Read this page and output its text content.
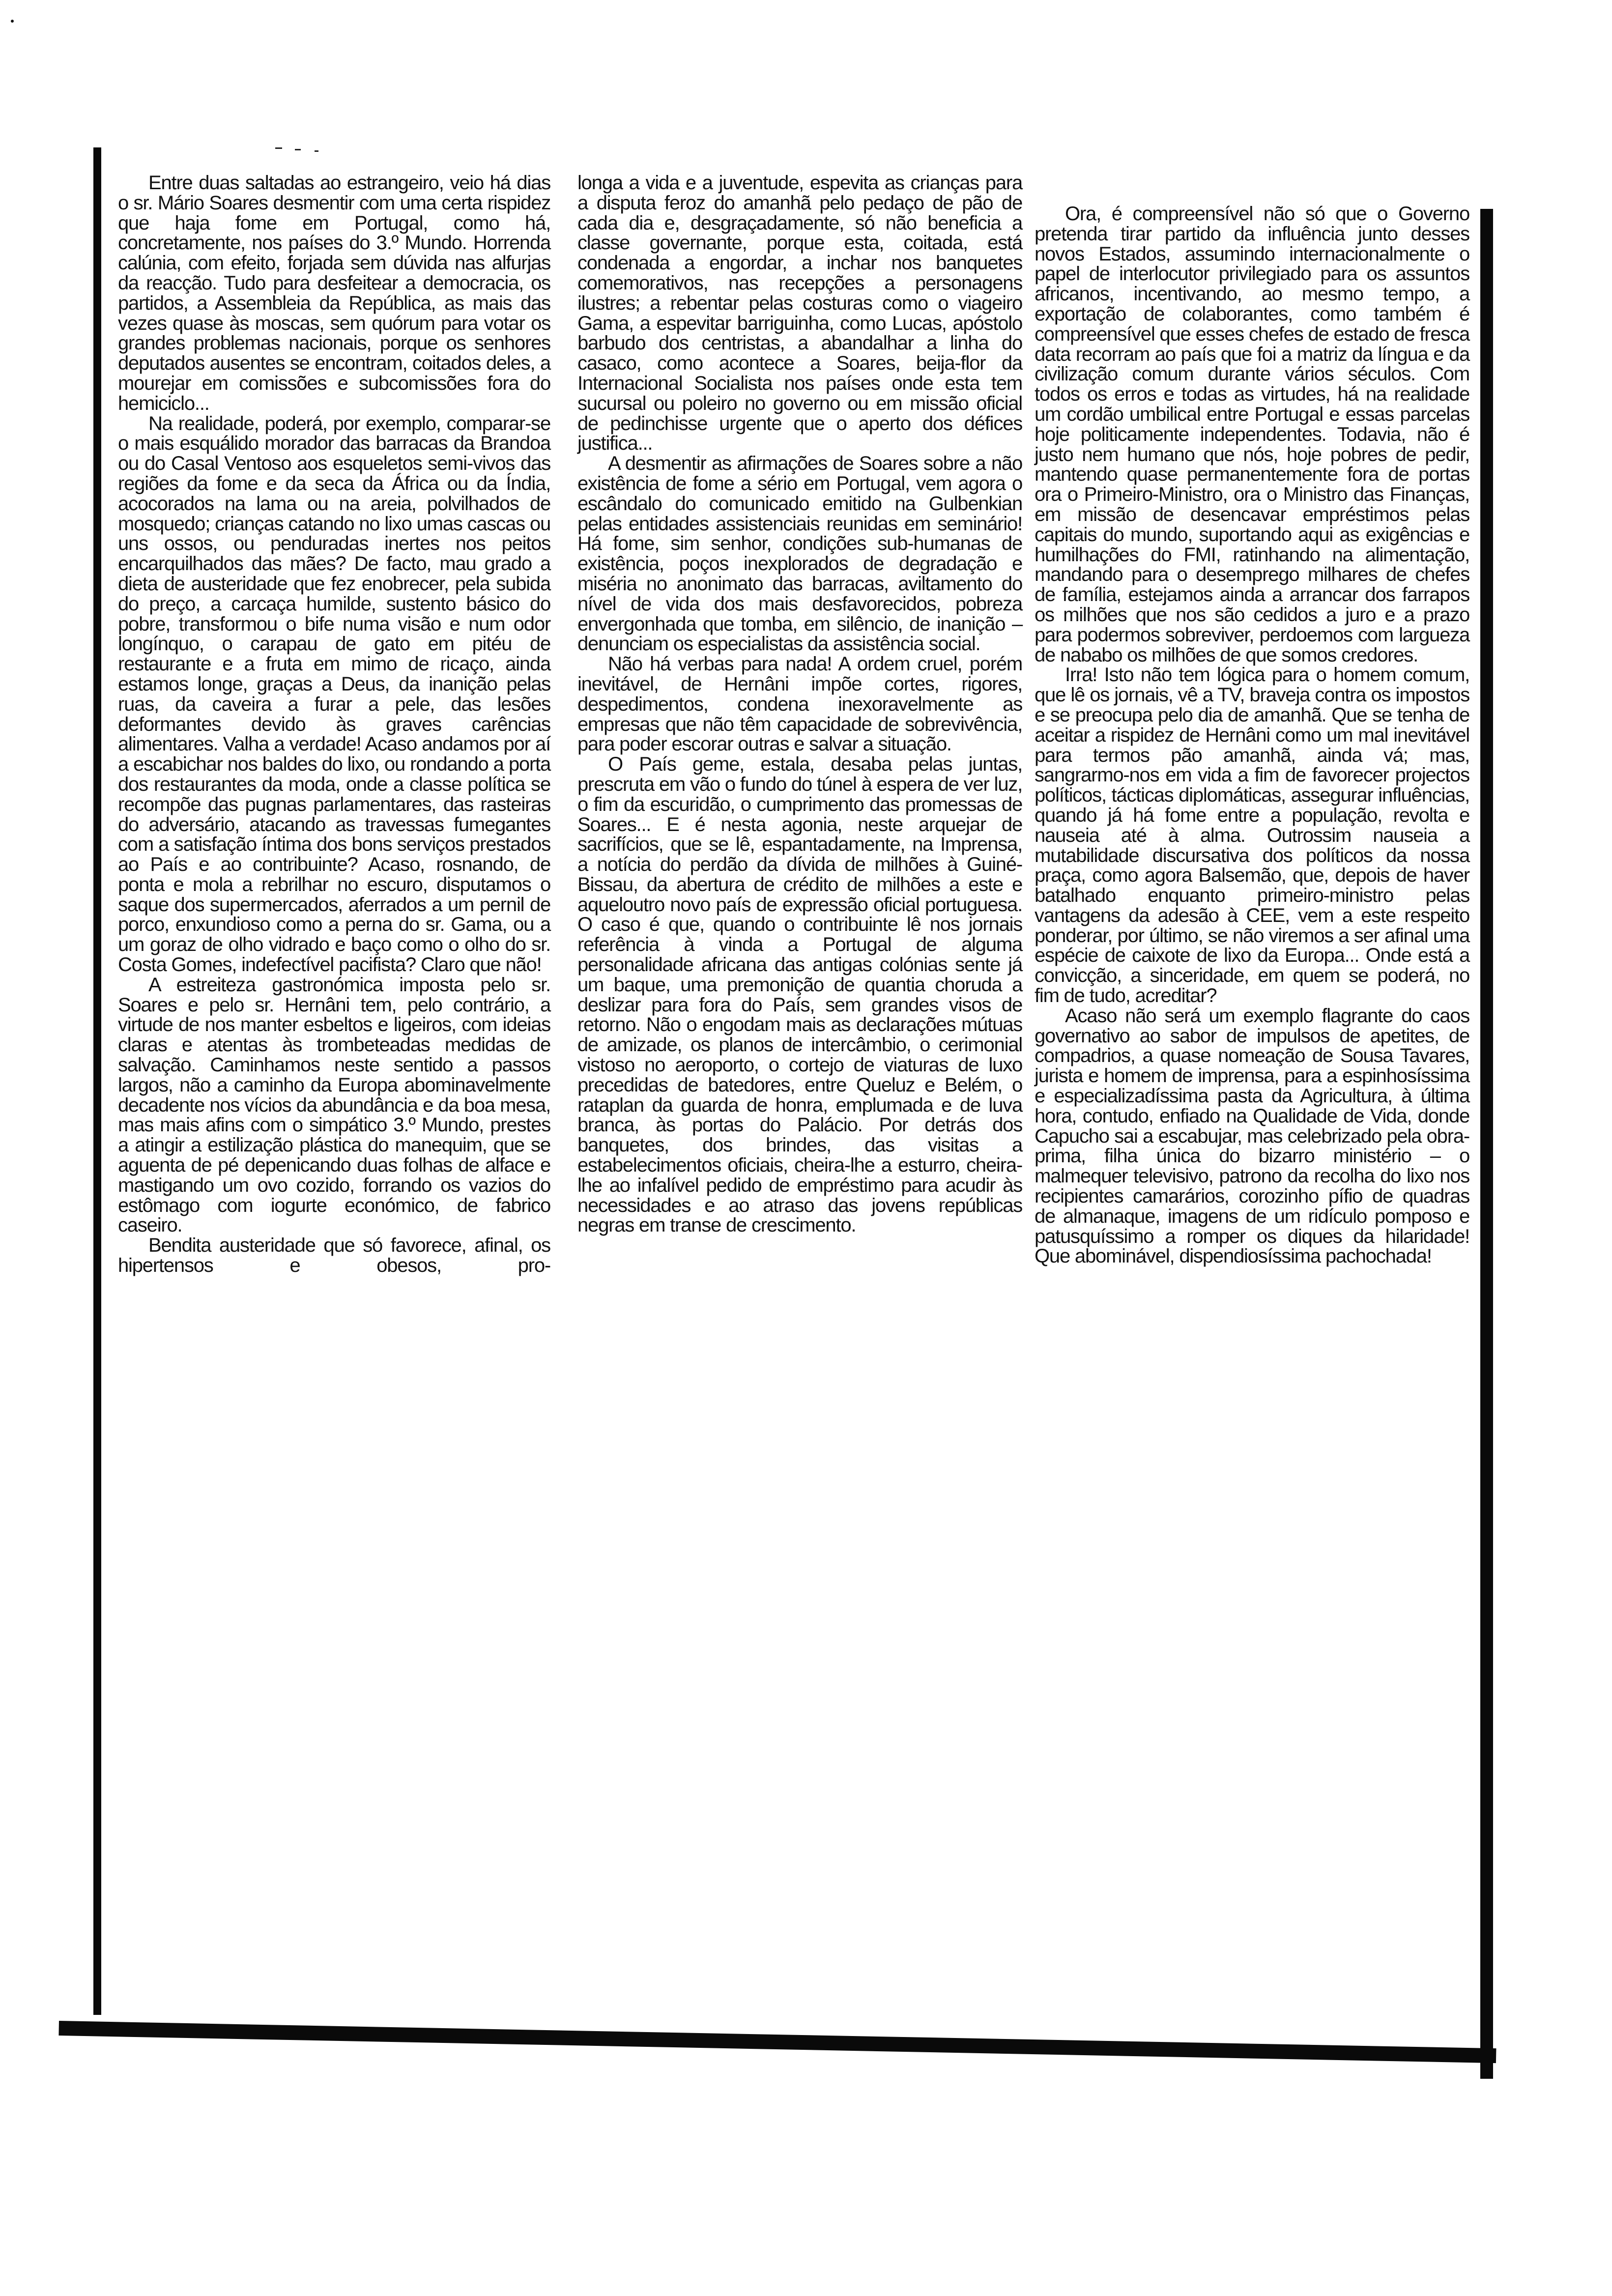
Entre duas saltadas ao estrangeiro, veio há dias o sr. Mário Soares desmentir com uma certa rispidez que haja fome em Portugal, como há, concretamente, nos países do 3.º Mundo. Horrenda calúnia, com efeito, forjada sem dúvida nas alfurjas da reacção. Tudo para desfeitear a democracia, os partidos, a Assembleia da República, as mais das vezes quase às moscas, sem quórum para votar os grandes problemas nacionais, porque os senhores deputados ausentes se encontram, coitados deles, a mourejar em comissões e subcomissões fora do hemiciclo...

Na realidade, poderá, por exemplo, comparar-se o mais esquálido morador das barracas da Brandoa ou do Casal Ventoso aos esqueletos semi-vivos das regiões da fome e da seca da África ou da Índia, acocorados na lama ou na areia, polvilhados de mosquedo; crianças catando no lixo umas cascas ou uns ossos, ou penduradas inertes nos peitos encarquilhados das mães? De facto, mau grado a dieta de austeridade que fez enobrecer, pela subida do preço, a carcaça humilde, sustento básico do pobre, transformou o bife numa visão e num odor longínquo, o carapau de gato em pitéu de restaurante e a fruta em mimo de ricaço, ainda estamos longe, graças a Deus, da inanição pelas ruas, da caveira a furar a pele, das lesões deformantes devido às graves carências alimentares. Valha a verdade! Acaso andamos por aí a escabichar nos baldes do lixo, ou rondando a porta dos restaurantes da moda, onde a classe política se recompõe das pugnas parlamentares, das rasteiras do adversário, atacando as travessas fumegantes com a satisfação íntima dos bons serviços prestados ao País e ao contribuinte? Acaso, rosnando, de ponta e mola a rebrilhar no escuro, disputamos o saque dos supermercados, aferrados a um pernil de porco, enxundioso como a perna do sr. Gama, ou a um goraz de olho vidrado e baço como o olho do sr. Costa Gomes, indefectível pacifista? Claro que não!

A estreiteza gastronómica imposta pelo sr. Soares e pelo sr. Hernâni tem, pelo contrário, a virtude de nos manter esbeltos e ligeiros, com ideias claras e atentas às trombeteadas medidas de salvação. Caminhamos neste sentido a passos largos, não a caminho da Europa abominavelmente decadente nos vícios da abundância e da boa mesa, mas mais afins com o simpático 3.º Mundo, prestes a atingir a estilização plástica do manequim, que se aguenta de pé depenicando duas folhas de alface e mastigando um ovo cozido, forrando os vazios do estômago com iogurte económico, de fabrico caseiro.

Bendita austeridade que só favorece, afinal, os hipertensos e obesos, pro-

longa a vida e a juventude, espevita as crianças para a disputa feroz do amanhã pelo pedaço de pão de cada dia e, desgraçadamente, só não beneficia a classe governante, porque esta, coitada, está condenada a engordar, a inchar nos banquetes comemorativos, nas recepções a personagens ilustres; a rebentar pelas costuras como o viageiro Gama, a espevitar barriguinha, como Lucas, apóstolo barbudo dos centristas, a abandalhar a linha do casaco, como acontece a Soares, beija-flor da Internacional Socialista nos países onde esta tem sucursal ou poleiro no governo ou em missão oficial de pedinchisse urgente que o aperto dos défices justifica...

A desmentir as afirmações de Soares sobre a não existência de fome a sério em Portugal, vem agora o escândalo do comunicado emitido na Gulbenkian pelas entidades assistenciais reunidas em seminário! Há fome, sim senhor, condições sub-humanas de existência, poços inexplorados de degradação e miséria no anonimato das barracas, aviltamento do nível de vida dos mais desfavorecidos, pobreza envergonhada que tomba, em silêncio, de inanição – denunciam os especialistas da assistência social.

Não há verbas para nada! A ordem cruel, porém inevitável, de Hernâni impõe cortes, rigores, despedimentos, condena inexoravelmente as empresas que não têm capacidade de sobrevivência, para poder escorar outras e salvar a situação.

O País geme, estala, desaba pelas juntas, prescruta em vão o fundo do túnel à espera de ver luz, o fim da escuridão, o cumprimento das promessas de Soares... E é nesta agonia, neste arquejar de sacrifícios, que se lê, espantadamente, na Imprensa, a notícia do perdão da dívida de milhões à Guiné-Bissau, da abertura de crédito de milhões a este e aqueloutro novo país de expressão oficial portuguesa. O caso é que, quando o contribuinte lê nos jornais referência à vinda a Portugal de alguma personalidade africana das antigas colónias sente já um baque, uma premonição de quantia choruda a deslizar para fora do País, sem grandes visos de retorno. Não o engodam mais as declarações mútuas de amizade, os planos de intercâmbio, o cerimonial vistoso no aeroporto, o cortejo de viaturas de luxo precedidas de batedores, entre Queluz e Belém, o rataplan da guarda de honra, emplumada e de luva branca, às portas do Palácio. Por detrás dos banquetes, dos brindes, das visitas a estabelecimentos oficiais, cheira-lhe a esturro, cheira-lhe ao infalível pedido de empréstimo para acudir às necessidades e ao atraso das jovens repúblicas negras em transe de crescimento.

Ora, é compreensível não só que o Governo pretenda tirar partido da influência junto desses novos Estados, assumindo internacionalmente o papel de interlocutor privilegiado para os assuntos africanos, incentivando, ao mesmo tempo, a exportação de colaborantes, como também é compreensível que esses chefes de estado de fresca data recorram ao país que foi a matriz da língua e da civilização comum durante vários séculos. Com todos os erros e todas as virtudes, há na realidade um cordão umbilical entre Portugal e essas parcelas hoje politicamente independentes. Todavia, não é justo nem humano que nós, hoje pobres de pedir, mantendo quase permanentemente fora de portas ora o Primeiro-Ministro, ora o Ministro das Finanças, em missão de desencavar empréstimos pelas capitais do mundo, suportando aqui as exigências e humilhações do FMI, ratinhando na alimentação, mandando para o desemprego milhares de chefes de família, estejamos ainda a arrancar dos farrapos os milhões que nos são cedidos a juro e a prazo para podermos sobreviver, perdoemos com largueza de nababo os milhões de que somos credores.

Irra! Isto não tem lógica para o homem comum, que lê os jornais, vê a TV, braveja contra os impostos e se preocupa pelo dia de amanhã. Que se tenha de aceitar a rispidez de Hernâni como um mal inevitável para termos pão amanhã, ainda vá; mas, sangrarmo-nos em vida a fim de favorecer projectos políticos, tácticas diplomáticas, assegurar influências, quando já há fome entre a população, revolta e nauseia até à alma. Outrossim nauseia a mutabilidade discursativa dos políticos da nossa praça, como agora Balsemão, que, depois de haver batalhado enquanto primeiro-ministro pelas vantagens da adesão à CEE, vem a este respeito ponderar, por último, se não viremos a ser afinal uma espécie de caixote de lixo da Europa... Onde está a convicção, a sinceridade, em quem se poderá, no fim de tudo, acreditar?

Acaso não será um exemplo flagrante do caos governativo ao sabor de impulsos de apetites, de compadrios, a quase nomeação de Sousa Tavares, jurista e homem de imprensa, para a espinhosíssima e especializadíssima pasta da Agricultura, à última hora, contudo, enfiado na Qualidade de Vida, donde Capucho sai a escabujar, mas celebrizado pela obra-prima, filha única do bizarro ministério – o malmequer televisivo, patrono da recolha do lixo nos recipientes camarários, corozinho pífio de quadras de almanaque, imagens de um ridículo pomposo e patusquíssimo a romper os diques da hilaridade! Que abominável, dispendiosíssima pachochada!
